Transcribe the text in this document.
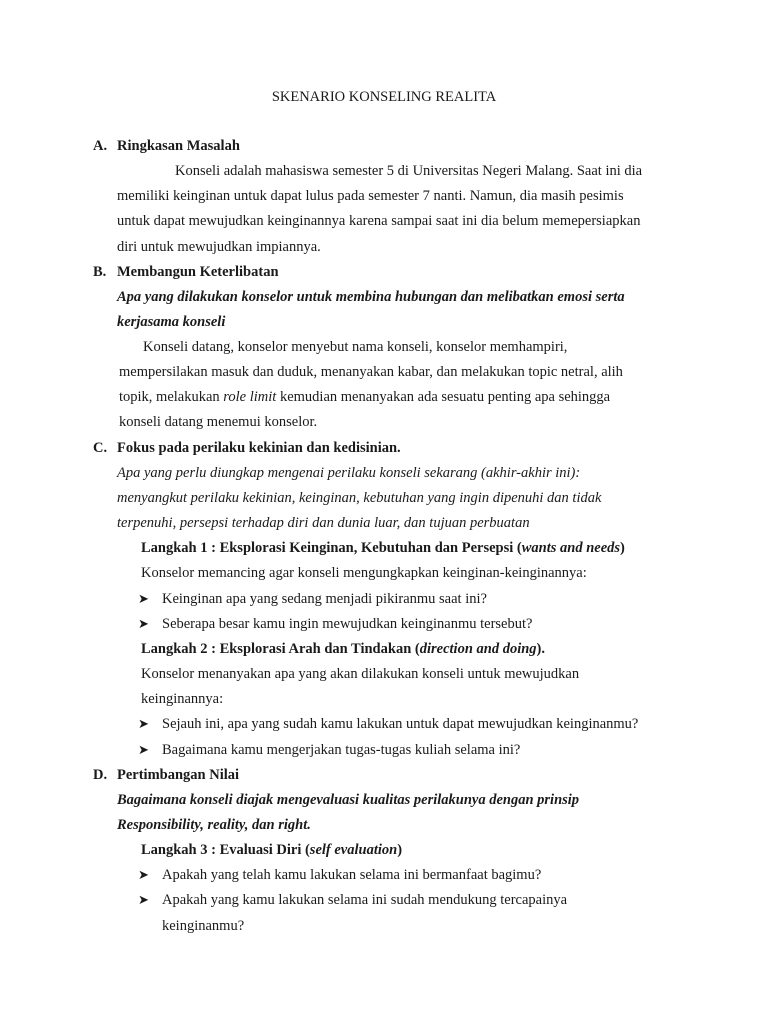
SKENARIO KONSELING REALITA
A. Ringkasan Masalah
Konseli adalah mahasiswa semester 5 di Universitas Negeri Malang. Saat ini dia
memiliki keinginan untuk dapat lulus pada semester 7 nanti. Namun, dia masih pesimis
untuk dapat mewujudkan keinginannya karena sampai saat ini dia belum memepersiapkan
diri untuk mewujudkan impiannya.
B. Membangun Keterlibatan
Apa yang dilakukan konselor untuk membina hubungan dan melibatkan emosi serta
kerjasama konseli
Konseli datang, konselor menyebut nama konseli, konselor memhampiri,
mempersilakan masuk dan duduk, menanyakan kabar, dan melakukan topic netral, alih
topik, melakukan role limit kemudian menanyakan ada sesuatu penting apa sehingga
konseli datang menemui konselor.
C. Fokus pada perilaku kekinian dan kedisinian.
Apa yang perlu diungkap mengenai perilaku konseli sekarang (akhir-akhir ini):
menyangkut perilaku kekinian, keinginan, kebutuhan yang ingin dipenuhi dan tidak
terpenuhi, persepsi terhadap diri dan dunia luar, dan tujuan perbuatan
Langkah 1 : Eksplorasi Keinginan, Kebutuhan dan Persepsi (wants and needs)
Konselor memancing agar konseli mengungkapkan keinginan-keinginannya:
➤ Keinginan apa yang sedang menjadi pikiranmu saat ini?
➤ Seberapa besar kamu ingin mewujudkan keinginanmu tersebut?
Langkah 2 : Eksplorasi Arah dan Tindakan (direction and doing).
Konselor menanyakan apa yang akan dilakukan konseli untuk mewujudkan
keinginannya:
➤ Sejauh ini, apa yang sudah kamu lakukan untuk dapat mewujudkan keinginanmu?
➤ Bagaimana kamu mengerjakan tugas-tugas kuliah selama ini?
D. Pertimbangan Nilai
Bagaimana konseli diajak mengevaluasi kualitas perilakunya dengan prinsip
Responsibility, reality, dan right.
Langkah 3 : Evaluasi Diri (self evaluation)
➤ Apakah yang telah kamu lakukan selama ini bermanfaat bagimu?
➤ Apakah yang kamu lakukan selama ini sudah mendukung tercapainya
keinginanmu?
